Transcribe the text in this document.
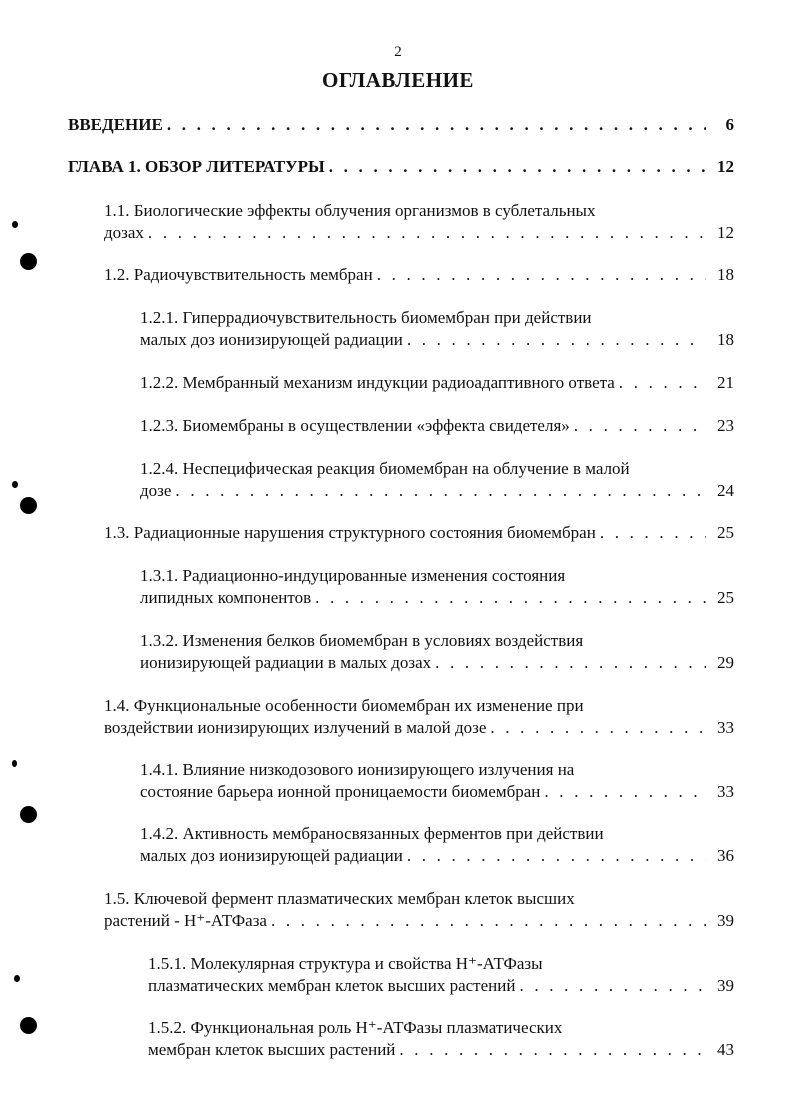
2
ОГЛАВЛЕНИЕ
ВВЕДЕНИЕ . . .	6
ГЛАВА 1. ОБЗОР ЛИТЕРАТУРЫ . . .	12
1.1. Биологические эффекты облучения организмов в сублетальных
дозах . . .	12
1.2. Радиочувствительность мембран . . .	18
1.2.1. Гиперрадиочувствительность биомембран при действии
малых доз ионизирующей радиации . . .	18
1.2.2. Мембранный механизм индукции радиоадаптивного ответа . . .	21
1.2.3. Биомембраны в осуществлении «эффекта свидетеля» . . .	23
1.2.4. Неспецифическая реакция биомембран на облучение в малой
дозе . . .	24
1.3. Радиационные нарушения структурного состояния биомембран . . .	25
1.3.1. Радиационно-индуцированные изменения состояния
липидных компонентов . . .	25
1.3.2. Изменения белков биомембран в условиях воздействия
ионизирующей радиации в малых дозах . . .	29
1.4. Функциональные особенности биомембран их изменение при
воздействии ионизирующих излучений в малой дозе . . .	33
1.4.1. Влияние низкодозового ионизирующего излучения на
состояние барьера ионной проницаемости биомембран . . .	33
1.4.2. Активность мембраносвязанных ферментов при действии
малых доз ионизирующей радиации . . .	36
1.5. Ключевой фермент плазматических мембран клеток высших
растений - Н⁺-АТФаза . . .	39
1.5.1. Молекулярная структура и свойства Н⁺-АТФазы
плазматических мембран клеток высших растений . . .	39
1.5.2. Функциональная роль Н⁺-АТФазы плазматических
мембран клеток высших растений . . .	43
